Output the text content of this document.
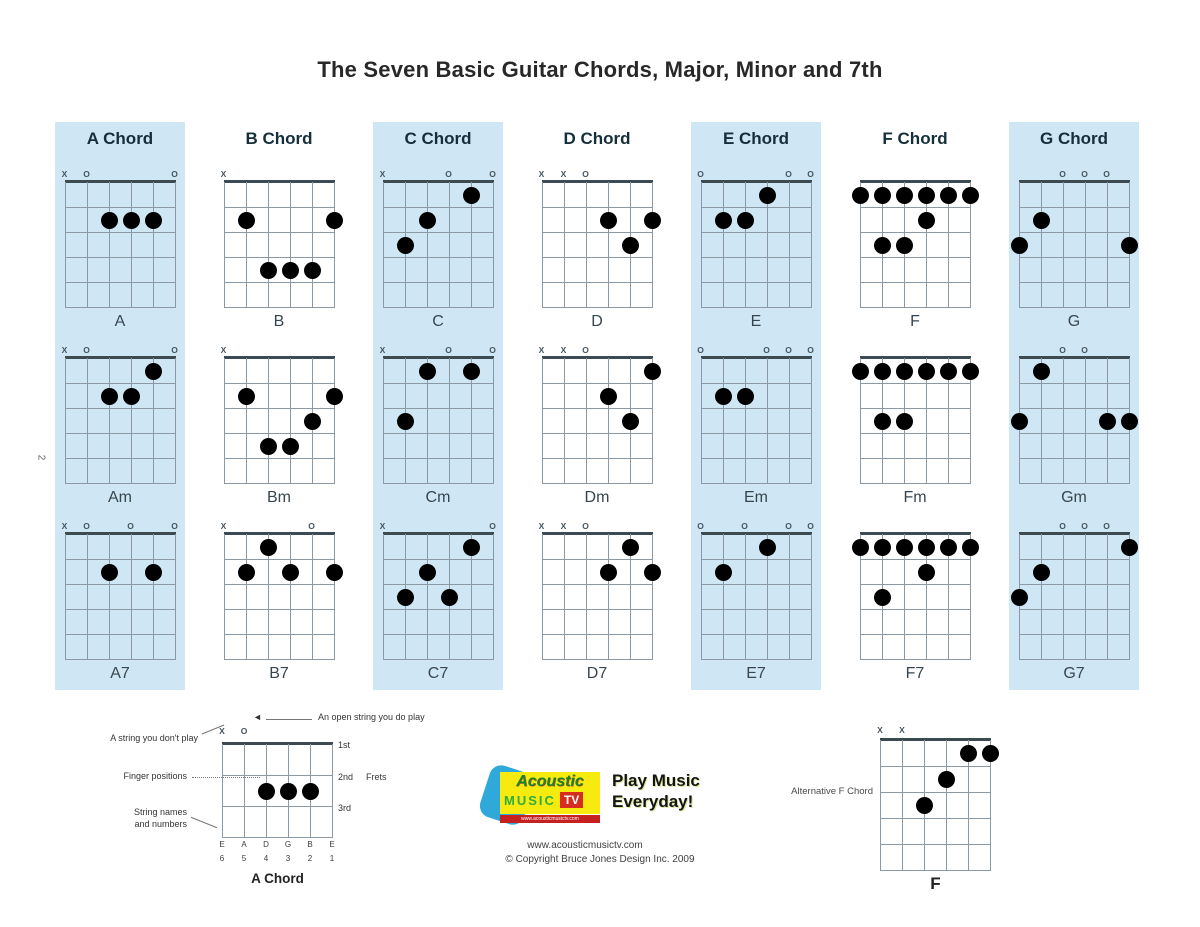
The Seven Basic Guitar Chords, Major, Minor and 7th
A Chord
X O	O
A
X O	O
Am
X O	O	O
A7
B Chord
X
B
X
Bm
X	O
B7
C Chord
X	O	O
C
X	O	O
Cm
X	O
C7
D Chord
X X O
D
X X O
Dm
X X O
D7
E Chord
O	O O
E
O	O O O
Em
O	O	O O
E7
F Chord
F
Fm
F7
G Chord
O O O
G
O O
Gm
O O O
G7
2
A string you don't play
◄	An open string you do play
Finger positions
String names
and numbers
1st
2nd Frets
3rd
X O
E A D G B E
6 5 4 3 2 1
A Chord
Acoustic
MUSIC TV
www.acousticmusictv.com
Play Music
Everyday!
www.acousticmusictv.com
© Copyright Bruce Jones Design Inc. 2009
Alternative F Chord
X X
F
